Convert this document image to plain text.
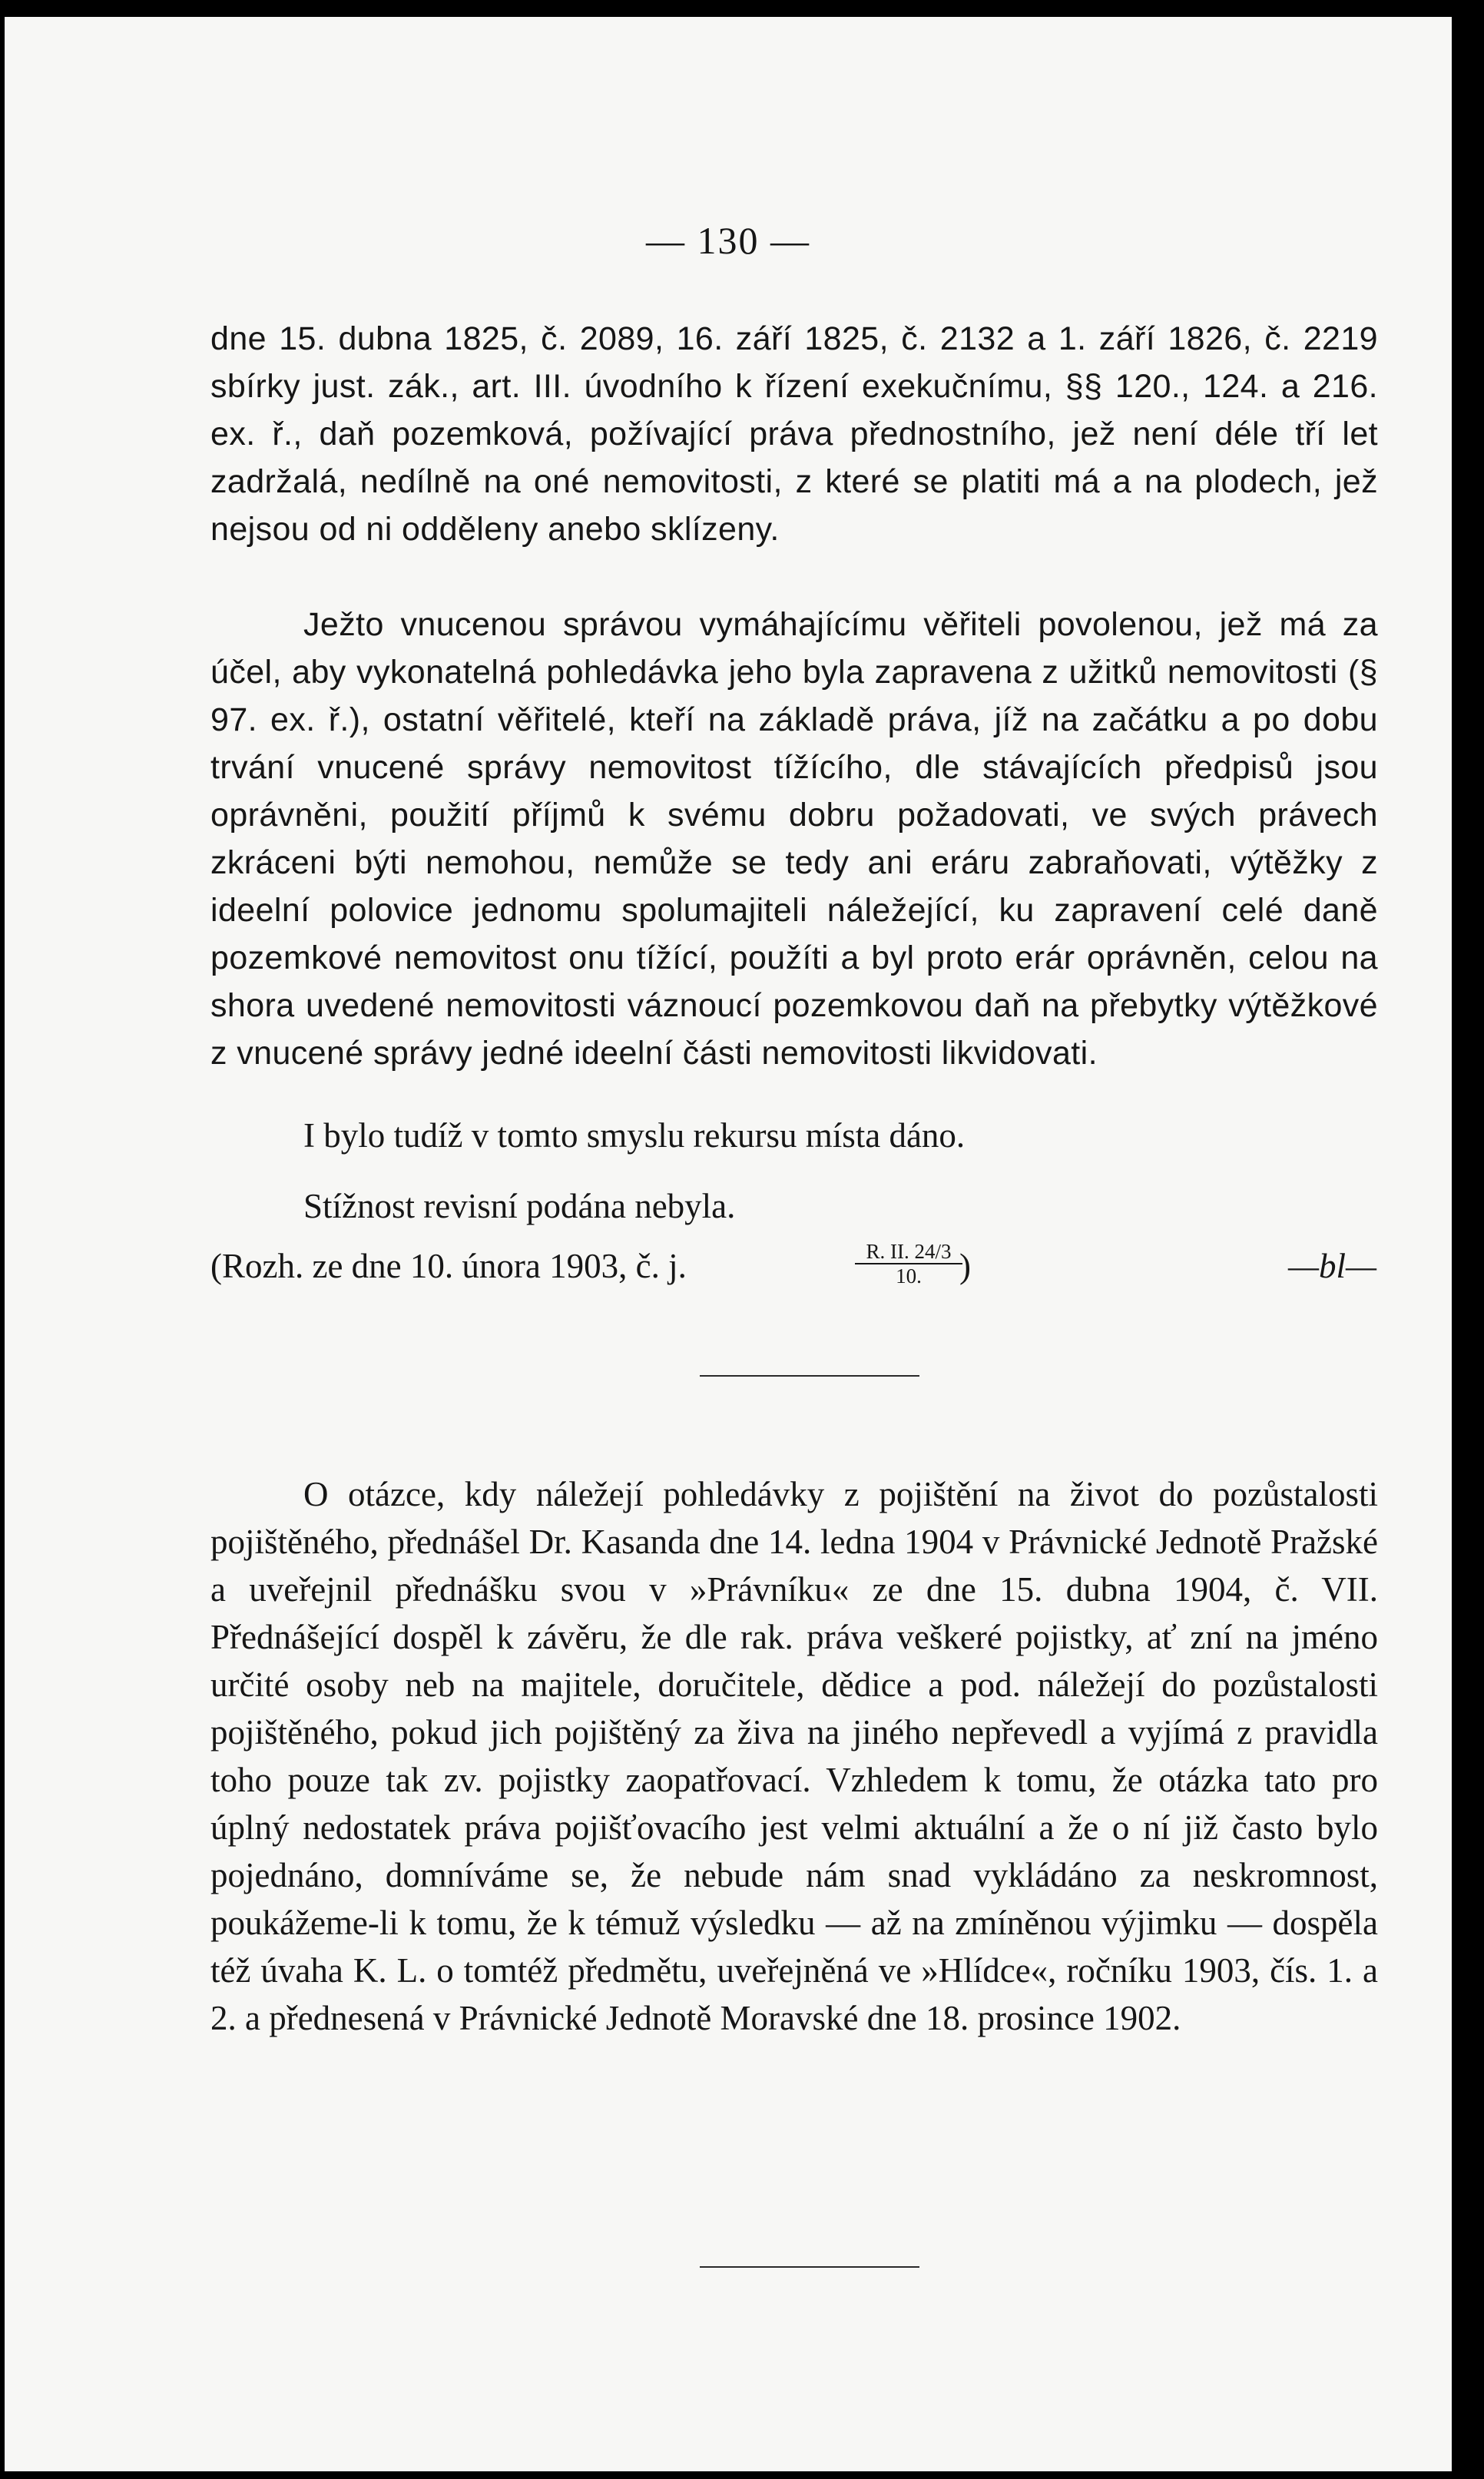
— 130 —
dne 15. dubna 1825, č. 2089, 16. září 1825, č. 2132 a 1. září 1826, č. 2219 sbírky just. zák., art. III. úvodního k řízení exekučnímu, §§ 120., 124. a 216. ex. ř., daň pozemková, požívající práva přednostního, jež není déle tří let zadržalá, nedílně na oné nemovitosti, z které se platiti má a na plodech, jež nejsou od ni odděleny anebo sklízeny.
Ježto vnucenou správou vymáhajícímu věřiteli povolenou, jež má za účel, aby vykonatelná pohledávka jeho byla zapravena z užitků nemovitosti (§ 97. ex. ř.), ostatní věřitelé, kteří na základě práva, jíž na začátku a po dobu trvání vnucené správy nemovitost tížícího, dle stávajících předpisů jsou oprávněni, použití příjmů k svému dobru požadovati, ve svých právech zkráceni býti nemohou, nemůže se tedy ani eráru zabraňovati, výtěžky z ideelní polovice jednomu spolumajiteli náležející, ku zapravení celé daně pozemkové nemovitost onu tížící, použíti a byl proto erár oprávněn, celou na shora uvedené nemovitosti váznoucí pozemkovou daň na přebytky výtěžkové z vnucené správy jedné ideelní části nemovitosti likvidovati.
I bylo tudíž v tomto smyslu rekursu místa dáno.
Stížnost revisní podána nebyla.
(Rozh. ze dne 10. února 1903, č. j.	$\frac{R. II. 24/3}{10.}$
)	—bl—
O otázce, kdy náležejí pohledávky z pojištění na život do pozůstalosti pojištěného, přednášel Dr. Kasanda dne 14. ledna 1904 v Právnické Jednotě Pražské a uveřejnil přednášku svou v »Právníku« ze dne 15. dubna 1904, č. VII. Přednášející dospěl k závěru, že dle rak. práva veškeré pojistky, ať zní na jméno určité osoby neb na majitele, doručitele, dědice a pod. náležejí do pozůstalosti pojištěného, pokud jich pojištěný za živa na jiného nepřevedl a vyjímá z pravidla toho pouze tak zv. pojistky zaopatřovací. Vzhledem k tomu, že otázka tato pro úplný nedostatek práva pojišťovacího jest velmi aktuální a že o ní již často bylo pojednáno, domníváme se, že nebude nám snad vykládáno za neskromnost, poukážeme-li k tomu, že k témuž výsledku — až na zmíněnou výjimku — dospěla též úvaha K. L. o tomtéž předmětu, uveřejněná ve »Hlídce«, ročníku 1903, čís. 1. a 2. a přednesená v Právnické Jednotě Moravské dne 18. prosince 1902.
